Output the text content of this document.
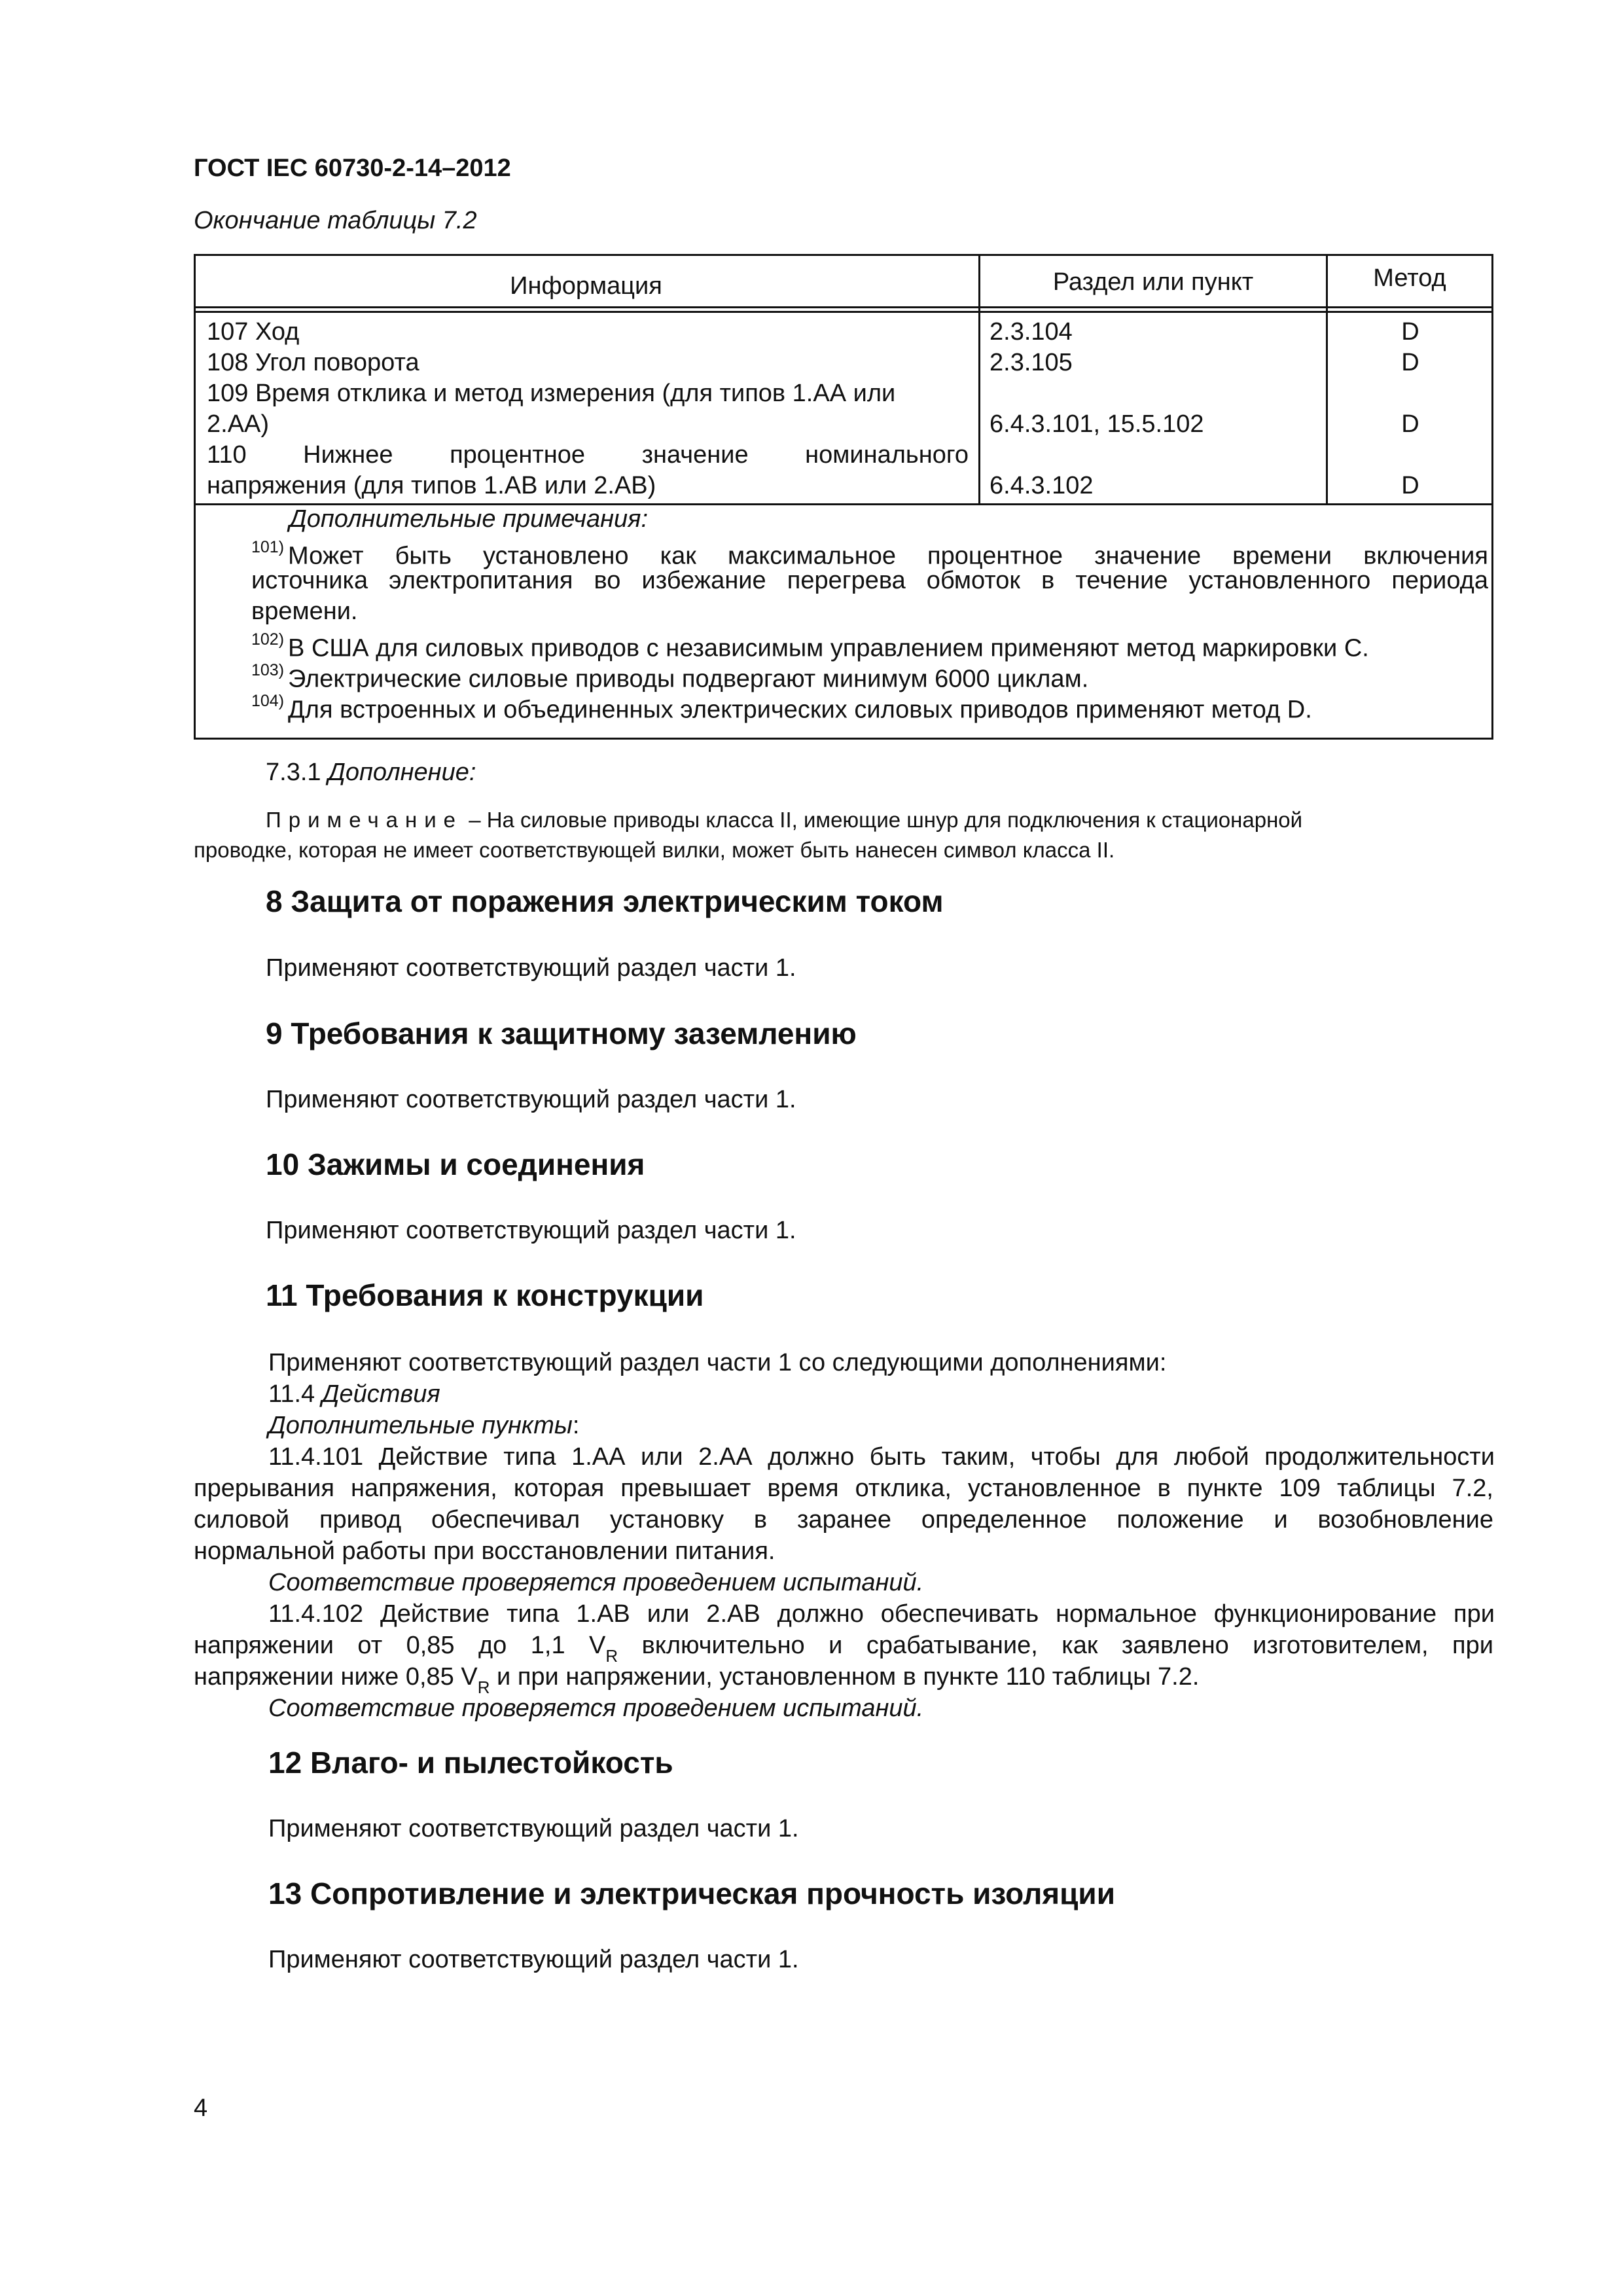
ГОСТ IEC 60730-2-14–2012
Окончание таблицы 7.2
Информация	Раздел или пункт	Метод
107 Ход	2.3.104	D
108 Угол поворота	2.3.105	D
109 Время отклика и метод измерения (для типов 1.АА или
2.АА)	6.4.3.101, 15.5.102	D
110 Нижнее процентное значение номинального
напряжения (для типов 1.АВ или 2.АВ)	6.4.3.102	D
Дополнительные примечания:
$^{101)}$ Может быть установлено как максимальное процентное значение времени включения
источника электропитания во избежание перегрева обмоток в течение установленного периода
времени.
$^{102)}$ В США для силовых приводов с независимым управлением применяют метод маркировки С.
$^{103)}$ Электрические силовые приводы подвергают минимум 6000 циклам.
$^{104)}$ Для встроенных и объединенных электрических силовых приводов применяют метод D.
7.3.1 Дополнение:
Примечание – На силовые приводы класса II, имеющие шнур для подключения к стационарной
проводке, которая не имеет соответствующей вилки, может быть нанесен символ класса II.
8 Защита от поражения электрическим током
Применяют соответствующий раздел части 1.
9 Требования к защитному заземлению
Применяют соответствующий раздел части 1.
10 Зажимы и соединения
Применяют соответствующий раздел части 1.
11 Требования к конструкции
Применяют соответствующий раздел части 1 со следующими дополнениями:
11.4 Действия
Дополнительные пункты:
11.4.101 Действие типа 1.АА или 2.АА должно быть таким, чтобы для любой продолжительности
прерывания напряжения, которая превышает время отклика, установленное в пункте 109 таблицы 7.2,
силовой привод обеспечивал установку в заранее определенное положение и возобновление
нормальной работы при восстановлении питания.
Соответствие проверяется проведением испытаний.
11.4.102 Действие типа 1.АВ или 2.АВ должно обеспечивать нормальное функционирование при
напряжении от 0,85 до 1,1 $V_R$ включительно и срабатывание, как заявлено изготовителем, при
напряжении ниже 0,85 $V_R$ и при напряжении, установленном в пункте 110 таблицы 7.2.
Соответствие проверяется проведением испытаний.
12 Влаго- и пылестойкость
Применяют соответствующий раздел части 1.
13 Сопротивление и электрическая прочность изоляции
Применяют соответствующий раздел части 1.
4
